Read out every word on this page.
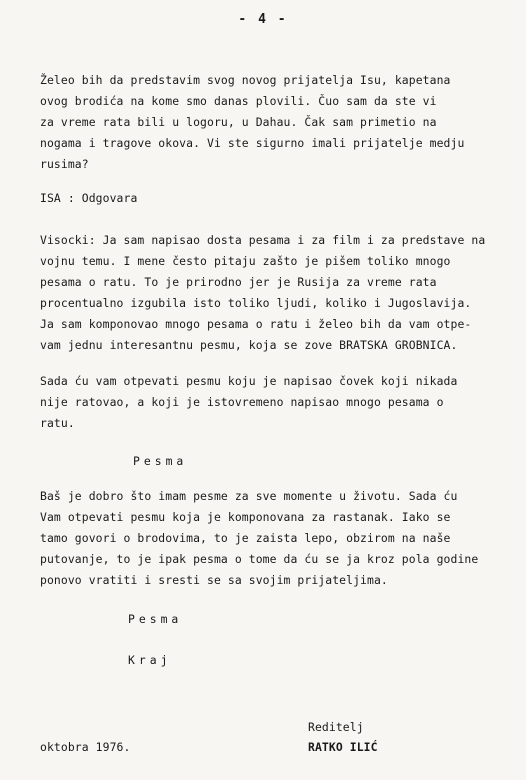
- 4 -
Želeo bih da predstavim svog novog prijatelja Isu, kapetana
ovog brodića na kome smo danas plovili. Čuo sam da ste vi
za vreme rata bili u logoru, u Dahau. Čak sam primetio na
nogama i tragove okova. Vi ste sigurno imali prijatelje medju
rusima?
ISA : Odgovara
Visocki: Ja sam napisao dosta pesama i za film i za predstave na
vojnu temu. I mene često pitaju zašto je pišem toliko mnogo
pesama o ratu. To je prirodno jer je Rusija za vreme rata
procentualno izgubila isto toliko ljudi, koliko i Jugoslavija.
Ja sam komponovao mnogo pesama o ratu i želeo bih da vam otpe-
vam jednu interesantnu pesmu, koja se zove BRATSKA GROBNICA.
Sada ću vam otpevati pesmu koju je napisao čovek koji nikada
nije ratovao, a koji je istovremeno napisao mnogo pesama o
ratu.
Pesma
Baš je dobro što imam pesme za sve momente u životu. Sada ću
Vam otpevati pesmu koja je komponovana za rastanak. Iako se
tamo govori o brodovima, to je zaista lepo, obzirom na naše
putovanje, to je ipak pesma o tome da ću se ja kroz pola godine
ponovo vratiti i sresti se sa svojim prijateljima.
Pesma
Kraj
Reditelj
oktobra 1976.	RATKO ILIĆ
